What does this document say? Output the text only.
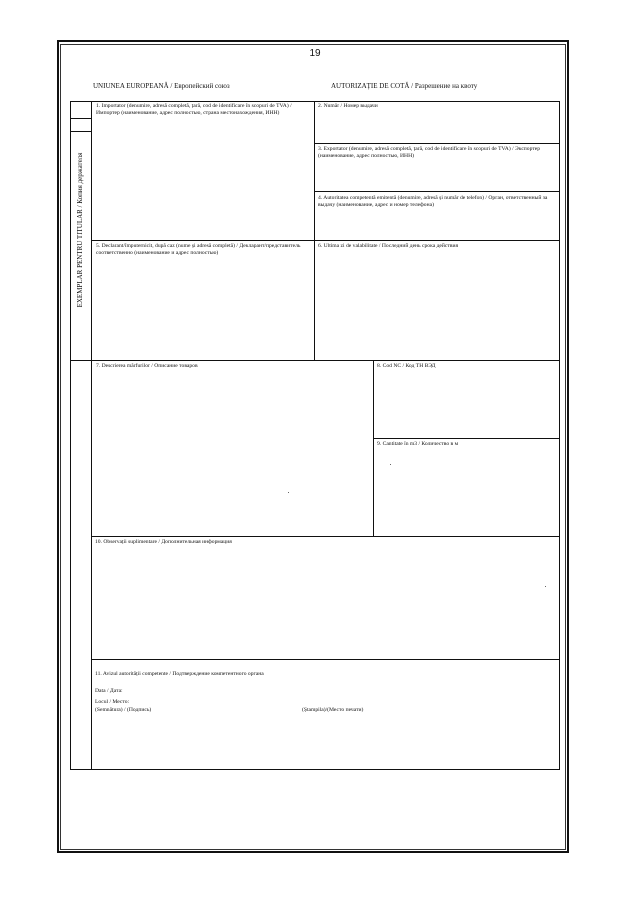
19
UNIUNEA EUROPEANĂ / Европейский союз	AUTORIZAȚIE DE COTĂ / Разрешение на квоту
EXEMPLAR PENTRU TITULAR / Копия держателя
1. Importator (denumire, adresă completă, țară, cod de identificare în scopuri de TVA) / Импортер (наименование, адрес полностью, страна местонахождения, ИНН)
2. Număr / Номер выдачи
3. Exportator (denumire, adresă completă, țară, cod de identificare în scopuri de TVA) / Экспортер (наименование, адрес полностью, ИНН)
4. Autoritatea competentă emitentă (denumire, adresă și număr de telefon) / Орган, ответственный за выдачу (наименование, адрес и номер телефона)
5. Declarant/împuternicit, după caz (nume și adresă completă) / Декларант/представитель соответственно (наименование и адрес полностью)
6. Ultima zi de valabilitate / Последний день срока действия
7. Descrierea mărfurilor / Описание товаров	8. Cod NC / Код ТН ВЭД
9. Cantitate în m3 / Количество в м
10. Observații suplimentare / Дополнительная информация
11. Avizul autorității competente / Подтверждение компетентного органа
Data / Дата:
Locul / Место:
(Semnătura) / (Подпись)	(Ștampila)/(Место печати)
